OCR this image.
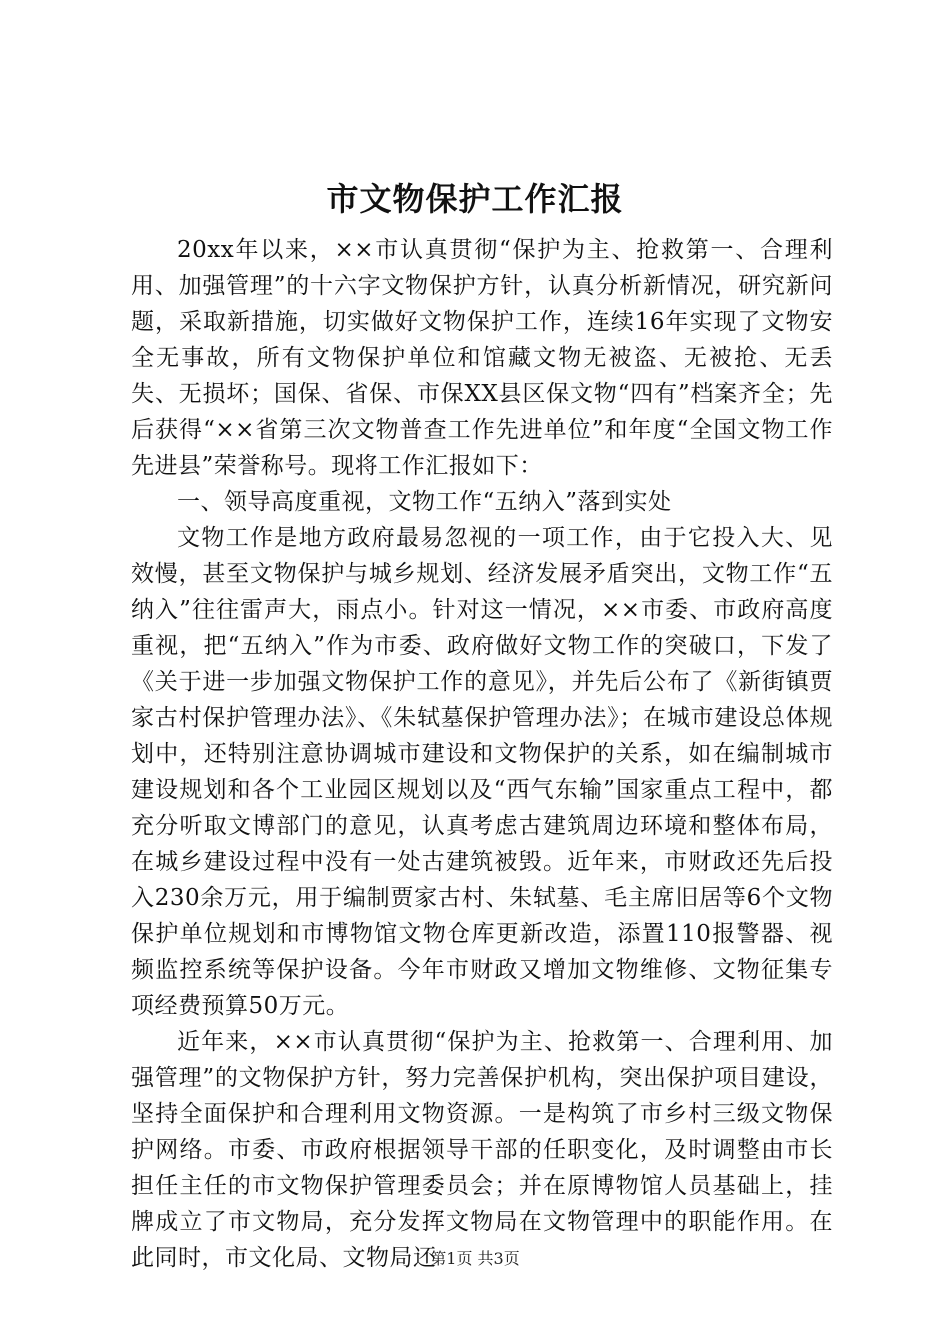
市文物保护工作汇报

20xx年以来，××市认真贯彻“保护为主、抢救第一、合理利用、加强管理”的十六字文物保护方针，认真分析新情况，研究新问题，采取新措施，切实做好文物保护工作，连续16年实现了文物安全无事故，所有文物保护单位和馆藏文物无被盗、无被抢、无丢失、无损坏；国保、省保、市保XX县区保文物“四有”档案齐全；先后获得“××省第三次文物普查工作先进单位”和年度“全国文物工作先进县”荣誉称号。现将工作汇报如下：

一、领导高度重视，文物工作“五纳入”落到实处

文物工作是地方政府最易忽视的一项工作，由于它投入大、见效慢，甚至文物保护与城乡规划、经济发展矛盾突出，文物工作“五纳入”往往雷声大，雨点小。针对这一情况，××市委、市政府高度重视，把“五纳入”作为市委、政府做好文物工作的突破口，下发了《关于进一步加强文物保护工作的意见》，并先后公布了《新街镇贾家古村保护管理办法》、《朱轼墓保护管理办法》；在城市建设总体规划中，还特别注意协调城市建设和文物保护的关系，如在编制城市建设规划和各个工业园区规划以及“西气东输”国家重点工程中，都充分听取文博部门的意见，认真考虑古建筑周边环境和整体布局，在城乡建设过程中没有一处古建筑被毁。近年来，市财政还先后投入230余万元，用于编制贾家古村、朱轼墓、毛主席旧居等6个文物保护单位规划和市博物馆文物仓库更新改造，添置110报警器、视频监控系统等保护设备。今年市财政又增加文物维修、文物征集专项经费预算50万元。

近年来，××市认真贯彻“保护为主、抢救第一、合理利用、加强管理”的文物保护方针，努力完善保护机构，突出保护项目建设，坚持全面保护和合理利用文物资源。一是构筑了市乡村三级文物保护网络。市委、市政府根据领导干部的任职变化，及时调整由市长担任主任的市文物保护管理委员会；并在原博物馆人员基础上，挂牌成立了市文物局，充分发挥文物局在文物管理中的职能作用。在此同时，市文化局、文物局还

第1页 共3页
